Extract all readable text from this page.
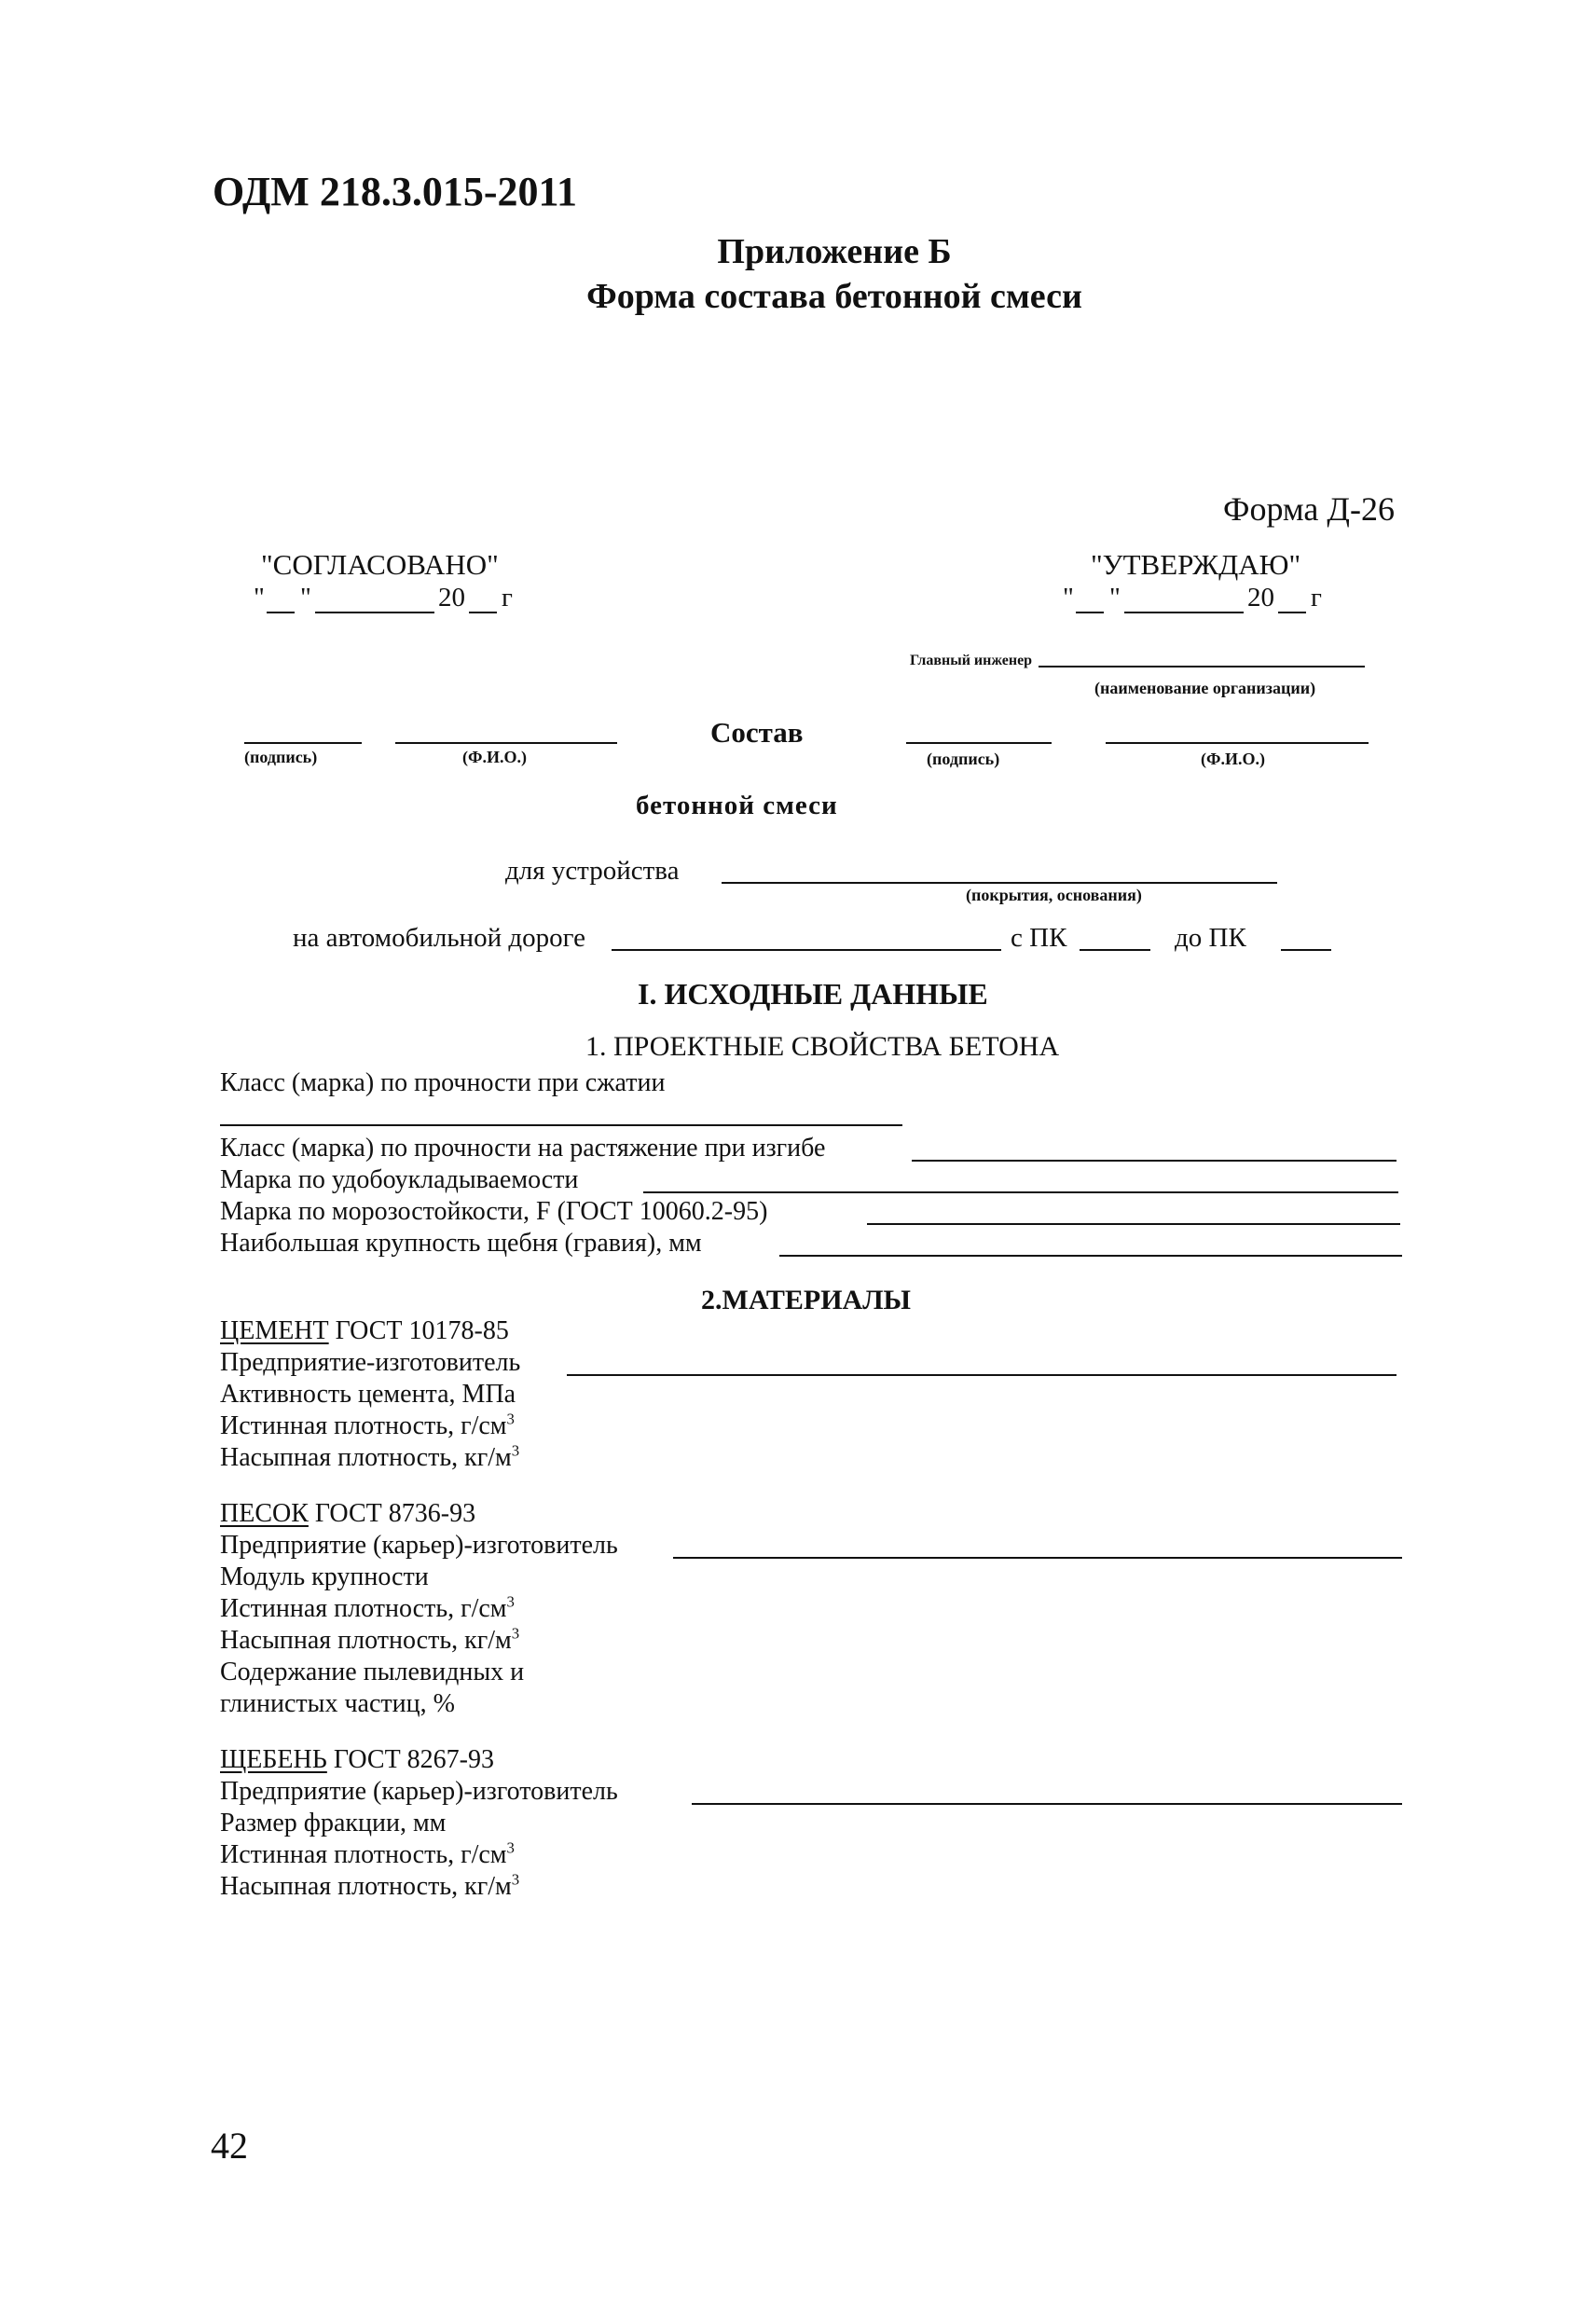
ОДМ 218.3.015-2011
Приложение Б
Форма состава бетонной смеси
Форма Д-26
"СОГЛАСОВАНО"	"УТВЕРЖДАЮ"
" "	20 г	" "	20 г
Главный инженер
(наименование организации)
Состав
(подпись)	(Ф.И.О.)	(подпись)	(Ф.И.О.)
бетонной смеси
для устройства
(покрытия, основания)
на автомобильной дороге	с ПК	до ПК
I. ИСХОДНЫЕ ДАННЫЕ
1. ПРОЕКТНЫЕ СВОЙСТВА БЕТОНА
Класс (марка) по прочности при сжатии
Класс (марка) по прочности на растяжение при изгибе
Марка по удобоукладываемости
Марка по морозостойкости, F (ГОСТ 10060.2-95)
Наибольшая крупность щебня (гравия), мм
2.МАТЕРИАЛЫ
ЦЕМЕНТ ГОСТ 10178-85
Предприятие-изготовитель
Активность цемента, МПа
Истинная плотность, $г/см^3$
Насыпная плотность, $кг/м^3$
ПЕСОК ГОСТ 8736-93
Предприятие (карьер)-изготовитель
Модуль крупности
Истинная плотность, $г/см^3$
Насыпная плотность, $кг/м^3$
Содержание пылевидных и
глинистых частиц, %
ЩЕБЕНЬ ГОСТ 8267-93
Предприятие (карьер)-изготовитель
Размер фракции, мм
Истинная плотность, $г/см^3$
Насыпная плотность, $кг/м^3$
42
